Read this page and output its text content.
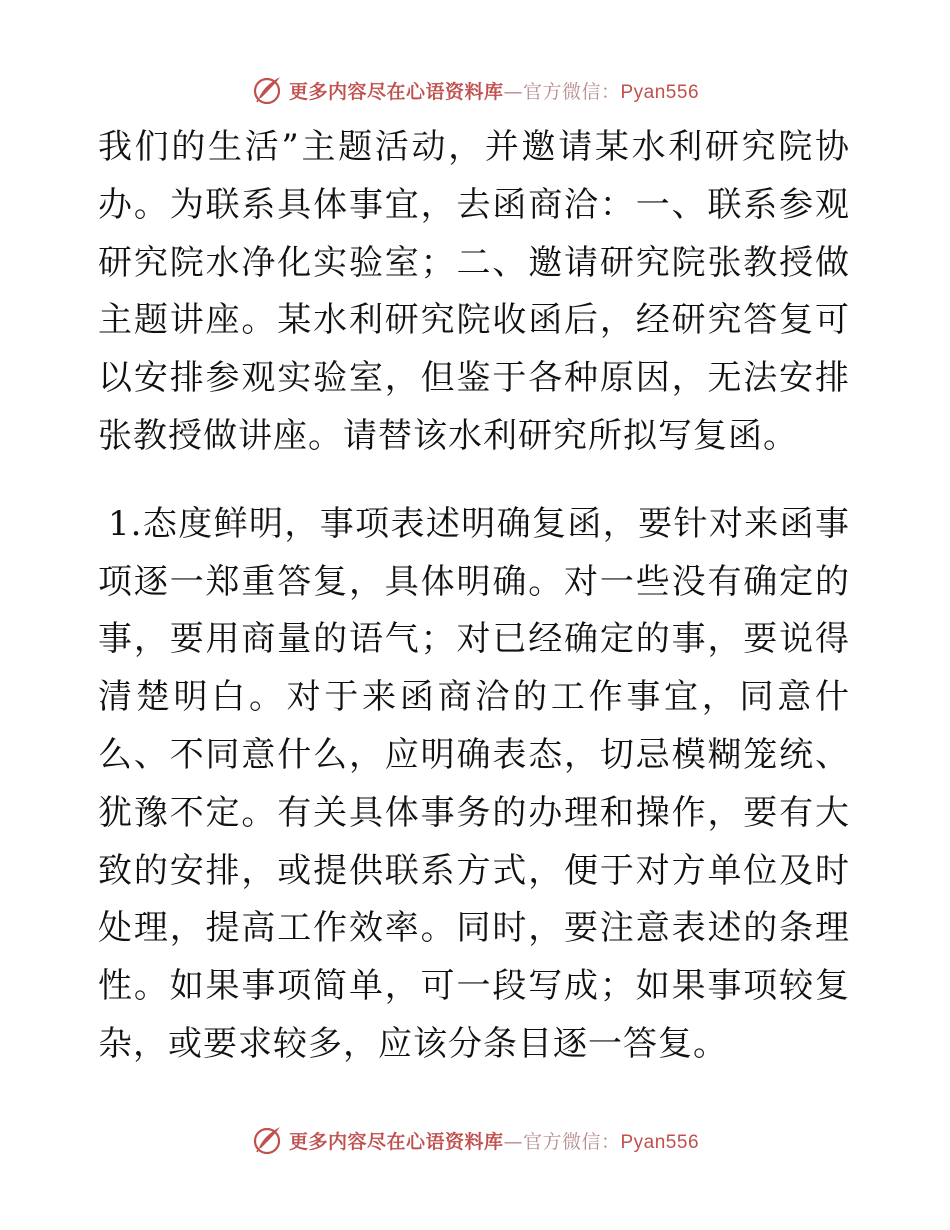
更多内容尽在心语资料库—官方微信：Pyan556

我们的生活”主题活动，并邀请某水利研究院协办。为联系具体事宜，去函商洽：一、联系参观研究院水净化实验室；二、邀请研究院张教授做主题讲座。某水利研究院收函后，经研究答复可以安排参观实验室，但鉴于各种原因，无法安排张教授做讲座。请替该水利研究所拟写复函。

1.态度鲜明，事项表述明确复函，要针对来函事项逐一郑重答复，具体明确。对一些没有确定的事，要用商量的语气；对已经确定的事，要说得清楚明白。对于来函商洽的工作事宜，同意什么、不同意什么，应明确表态，切忌模糊笼统、犹豫不定。有关具体事务的办理和操作，要有大致的安排，或提供联系方式，便于对方单位及时处理，提高工作效率。同时，要注意表述的条理性。如果事项简单，可一段写成；如果事项较复杂，或要求较多，应该分条目逐一答复。

更多内容尽在心语资料库—官方微信：Pyan556
